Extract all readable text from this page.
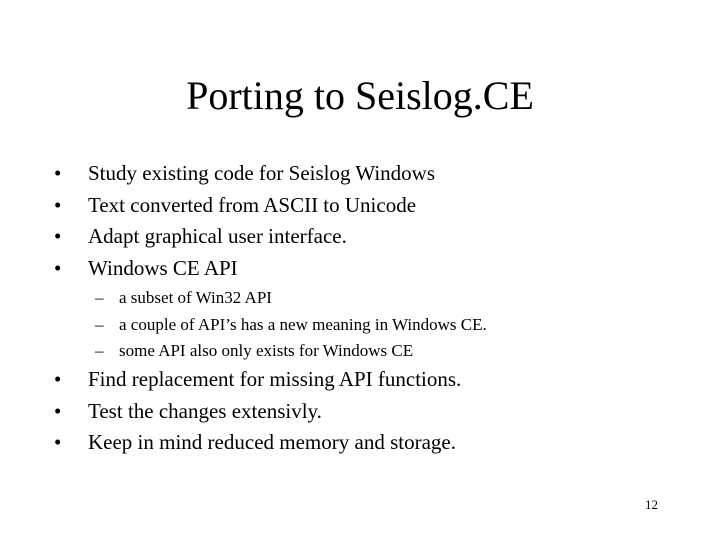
Porting to Seislog.CE
•	Study existing code for Seislog Windows
•	Text converted from ASCII to Unicode
•	Adapt graphical user interface.
•	Windows CE API
– a subset of Win32 API
– a couple of API’s has a new meaning in Windows CE.
– some API also only exists for Windows CE
•	Find replacement for missing API functions.
•	Test the changes extensivly.
•	Keep in mind reduced memory and storage.
12
